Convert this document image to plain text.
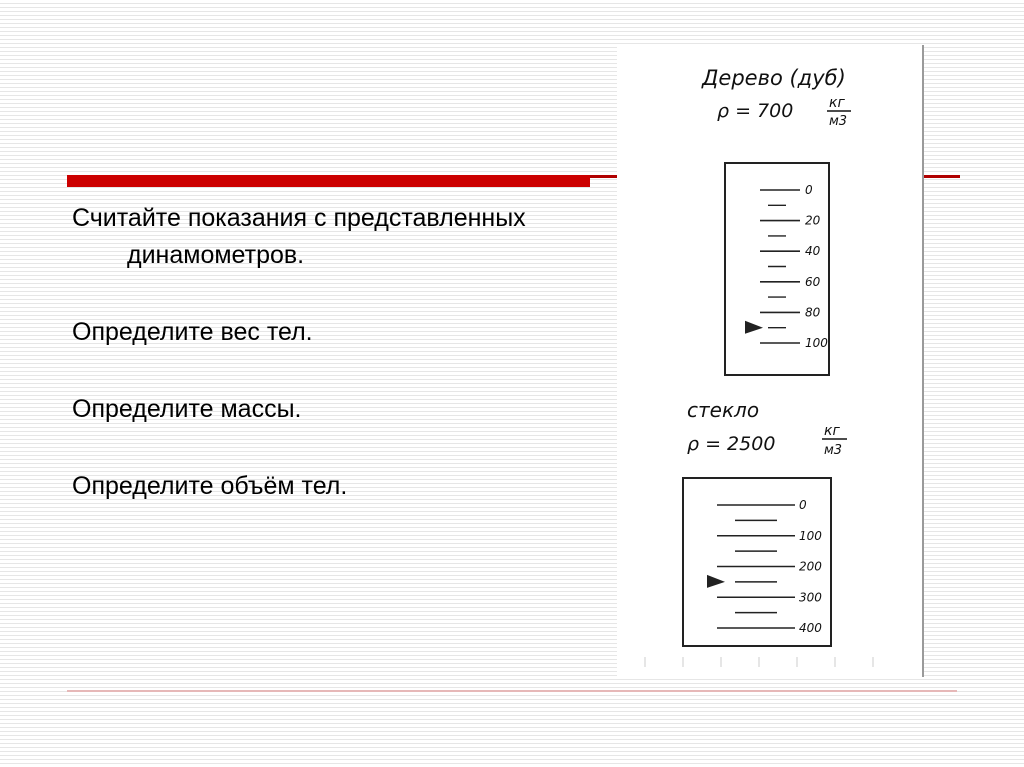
Считайте показания с представленных динамометров.
Определите вес тел.
Определите массы.
Определите объём тел.
Дерево (дуб)
ρ = 700	кг
м3
0
20
40
60
80
100
стекло
ρ = 2500
кг
м3
0
100
200
300
400
